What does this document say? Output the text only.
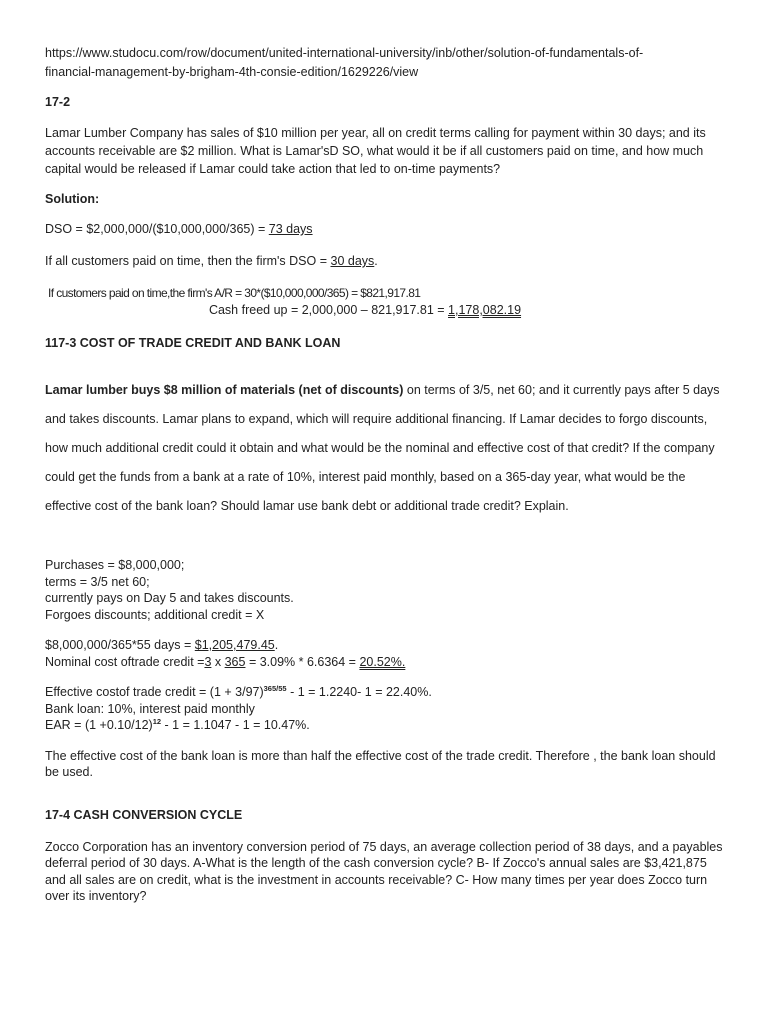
https://www.studocu.com/row/document/united-international-university/inb/other/solution-of-fundamentals-of-
financial-management-by-brigham-4th-consie-edition/1629226/view

17-2

Lamar Lumber Company has sales of $10 million per year, all on credit terms calling for payment within 30 days; and its accounts receivable are $2 million. What is Lamar'sD SO, what would it be if all customers paid on time, and how much capital would be released if Lamar could take action that led to on-time payments?

Solution:

DSO = $2,000,000/($10,000,000/365) = 73 days

If all customers paid on time, then the firm's DSO = 30 days.

If customers paid on time,the firm's A/R = 30*($10,000,000/365) = $821,917.81

Cash freed up = 2,000,000 – 821,917.81 = 1,178,082.19

117-3 COST OF TRADE CREDIT AND BANK LOAN

Lamar lumber buys $8 million of materials (net of discounts) on terms of 3/5, net 60; and it currently pays after 5 days and takes discounts. Lamar plans to expand, which will require additional financing. If Lamar decides to forgo discounts, how much additional credit could it obtain and what would be the nominal and effective cost of that credit? If the company could get the funds from a bank at a rate of 10%, interest paid monthly, based on a 365-day year, what would be the effective cost of the bank loan? Should lamar use bank debt or additional trade credit? Explain.

Purchases = $8,000,000;
terms = 3/5 net 60;
currently pays on Day 5 and takes discounts.
Forgoes discounts; additional credit = X
$8,000,000/365*55 days = $1,205,479.45.
Nominal cost oftrade credit =3 x 365 = 3.09% * 6.6364 = 20.52%.
Effective costof trade credit = $(1 + 3/97)^{365/55} - 1 = 1.2240-$ 1 = 22.40%.
Bank loan: 10%, interest paid monthly
EAR = $(1 +0.10/12)^{12} - 1 = 1.1047 - 1 = 10.47\%$.

The effective cost of the bank loan is more than half the effective cost of the trade credit. Therefore , the bank loan should be used.

17-4 CASH CONVERSION CYCLE

Zocco Corporation has an inventory conversion period of 75 days, an average collection period of 38 days, and a payables deferral period of 30 days. A-What is the length of the cash conversion cycle? B- If Zocco's annual sales are $3,421,875 and all sales are on credit, what is the investment in accounts receivable? C- How many times per year does Zocco turn over its inventory?
